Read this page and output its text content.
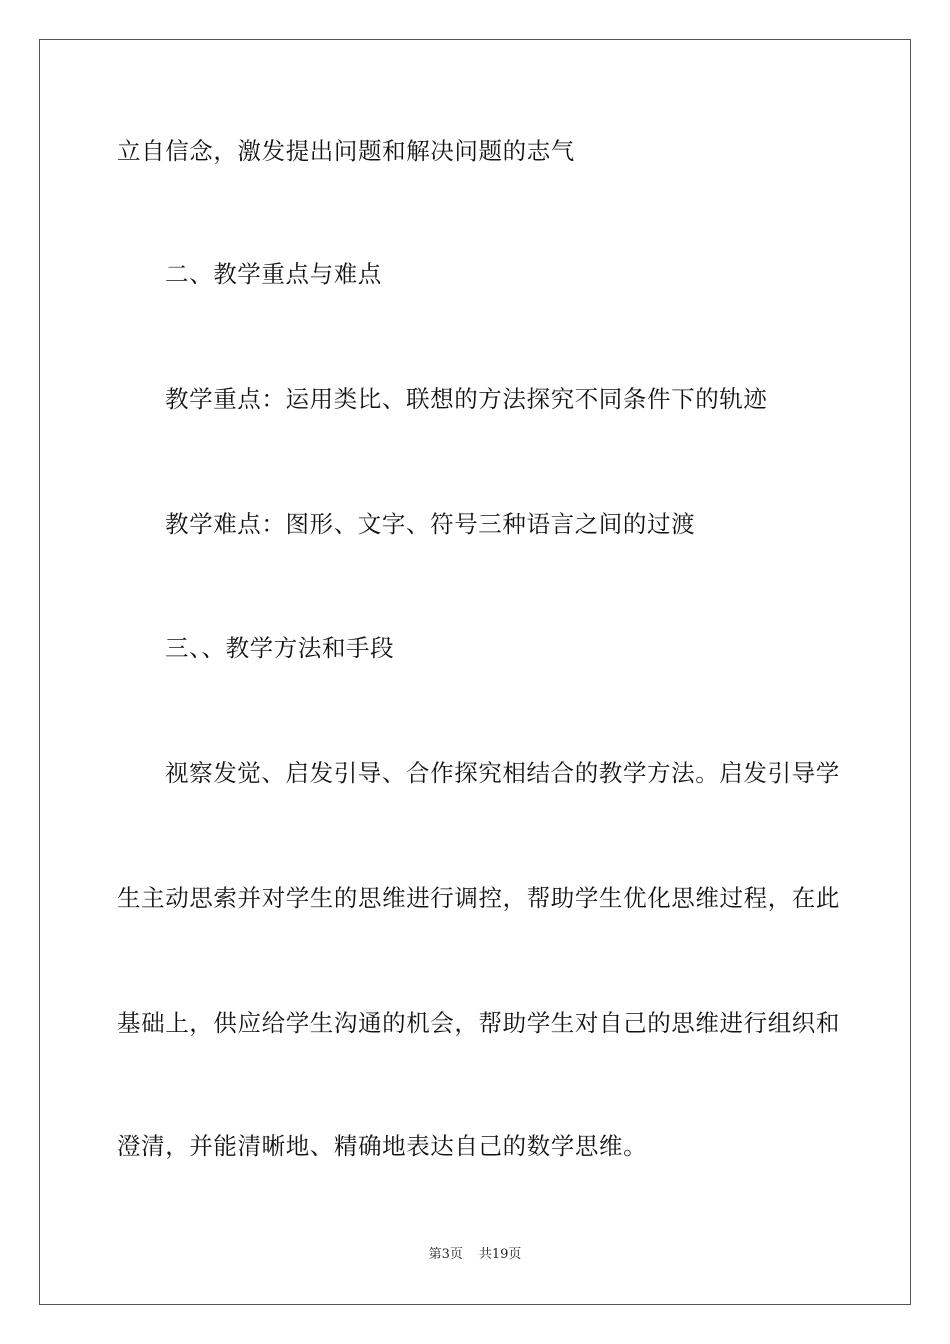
立自信念，激发提出问题和解决问题的志气
二、教学重点与难点
教学重点：运用类比、联想的方法探究不同条件下的轨迹
教学难点：图形、文字、符号三种语言之间的过渡
三、、教学方法和手段
视察发觉、启发引导、合作探究相结合的教学方法。启发引导学
生主动思索并对学生的思维进行调控，帮助学生优化思维过程，在此
基础上，供应给学生沟通的机会，帮助学生对自己的思维进行组织和
澄清，并能清晰地、精确地表达自己的数学思维。
第3页 共19页
